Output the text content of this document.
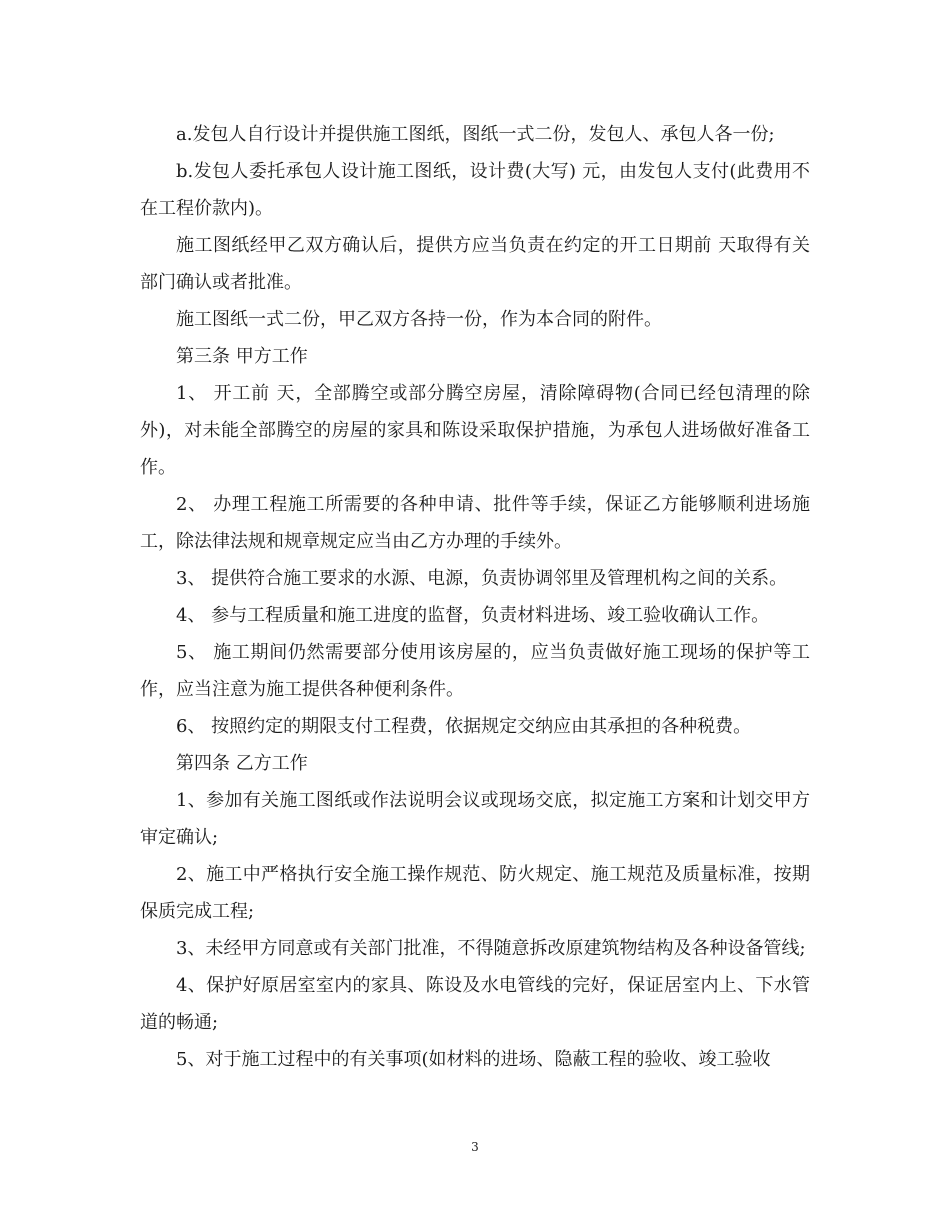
a.发包人自行设计并提供施工图纸，图纸一式二份，发包人、承包人各一份;

b.发包人委托承包人设计施工图纸，设计费(大写) 元，由发包人支付(此费用不在工程价款内)。

施工图纸经甲乙双方确认后，提供方应当负责在约定的开工日期前 天取得有关部门确认或者批准。

施工图纸一式二份，甲乙双方各持一份，作为本合同的附件。

第三条 甲方工作

1、 开工前 天，全部腾空或部分腾空房屋，清除障碍物(合同已经包清理的除外)，对未能全部腾空的房屋的家具和陈设采取保护措施，为承包人进场做好准备工作。

2、 办理工程施工所需要的各种申请、批件等手续，保证乙方能够顺利进场施工，除法律法规和规章规定应当由乙方办理的手续外。

3、 提供符合施工要求的水源、电源，负责协调邻里及管理机构之间的关系。

4、 参与工程质量和施工进度的监督，负责材料进场、竣工验收确认工作。

5、 施工期间仍然需要部分使用该房屋的，应当负责做好施工现场的保护等工作，应当注意为施工提供各种便利条件。

6、 按照约定的期限支付工程费，依据规定交纳应由其承担的各种税费。

第四条 乙方工作

1、参加有关施工图纸或作法说明会议或现场交底，拟定施工方案和计划交甲方审定确认;

2、施工中严格执行安全施工操作规范、防火规定、施工规范及质量标准，按期保质完成工程;

3、未经甲方同意或有关部门批准，不得随意拆改原建筑物结构及各种设备管线;

4、保护好原居室室内的家具、陈设及水电管线的完好，保证居室内上、下水管道的畅通;

5、对于施工过程中的有关事项(如材料的进场、隐蔽工程的验收、竣工验收

3
